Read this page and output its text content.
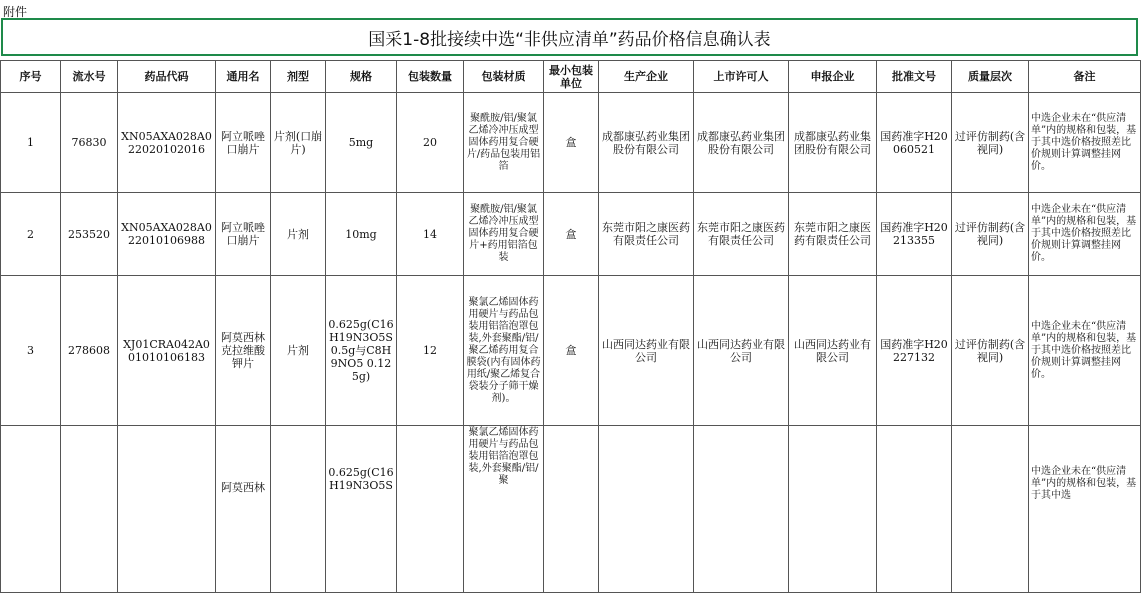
附件
国采1-8批接续中选“非供应清单”药品价格信息确认表
序号	流水号	药品代码	通用名	剂型	规格	包装数量	包装材质	最小包装单位	生产企业	上市许可人	申报企业	批准文号	质量层次	备注
1	76830	XN05AXA028A022020102016	阿立哌唑口崩片	片剂(口崩片)	5mg	20	聚酰胺/铝/聚氯乙烯冷冲压成型固体药用复合硬片/药品包装用铝箔	盒	成都康弘药业集团股份有限公司	成都康弘药业集团股份有限公司	成都康弘药业集团股份有限公司	国药准字H20060521	过评仿制药(含视同)	中选企业未在“供应清单”内的规格和包装，基于其中选价格按照差比价规则计算调整挂网价。
2	253520	XN05AXA028A022010106988	阿立哌唑口崩片	片剂	10mg	14	聚酰胺/铝/聚氯乙烯冷冲压成型固体药用复合硬片+药用铝箔包装	盒	东莞市阳之康医药有限责任公司	东莞市阳之康医药有限责任公司	东莞市阳之康医药有限责任公司	国药准字H20213355	过评仿制药(含视同)	中选企业未在“供应清单”内的规格和包装，基于其中选价格按照差比价规则计算调整挂网价。
3	278608	XJ01CRA042A001010106183	阿莫西林克拉维酸钾片	片剂	0.625g(C16H19N3O5S 0.5g与C8H9NO5 0.125g)	12	聚氯乙烯固体药用硬片与药品包装用铝箔泡罩包装,外套聚酯/铝/聚乙烯药用复合膜袋(内有固体药用纸/聚乙烯复合袋装分子筛干燥剂)。	盒	山西同达药业有限公司	山西同达药业有限公司	山西同达药业有限公司	国药准字H20227132	过评仿制药(含视同)	中选企业未在“供应清单”内的规格和包装，基于其中选价格按照差比价规则计算调整挂网价。
			阿莫西林		0.625g(C16H19N3O5S		聚氯乙烯固体药用硬片与药品包装用铝箔泡罩包装,外套聚酯/铝/聚							中选企业未在“供应清单”内的规格和包装，基于其中选
